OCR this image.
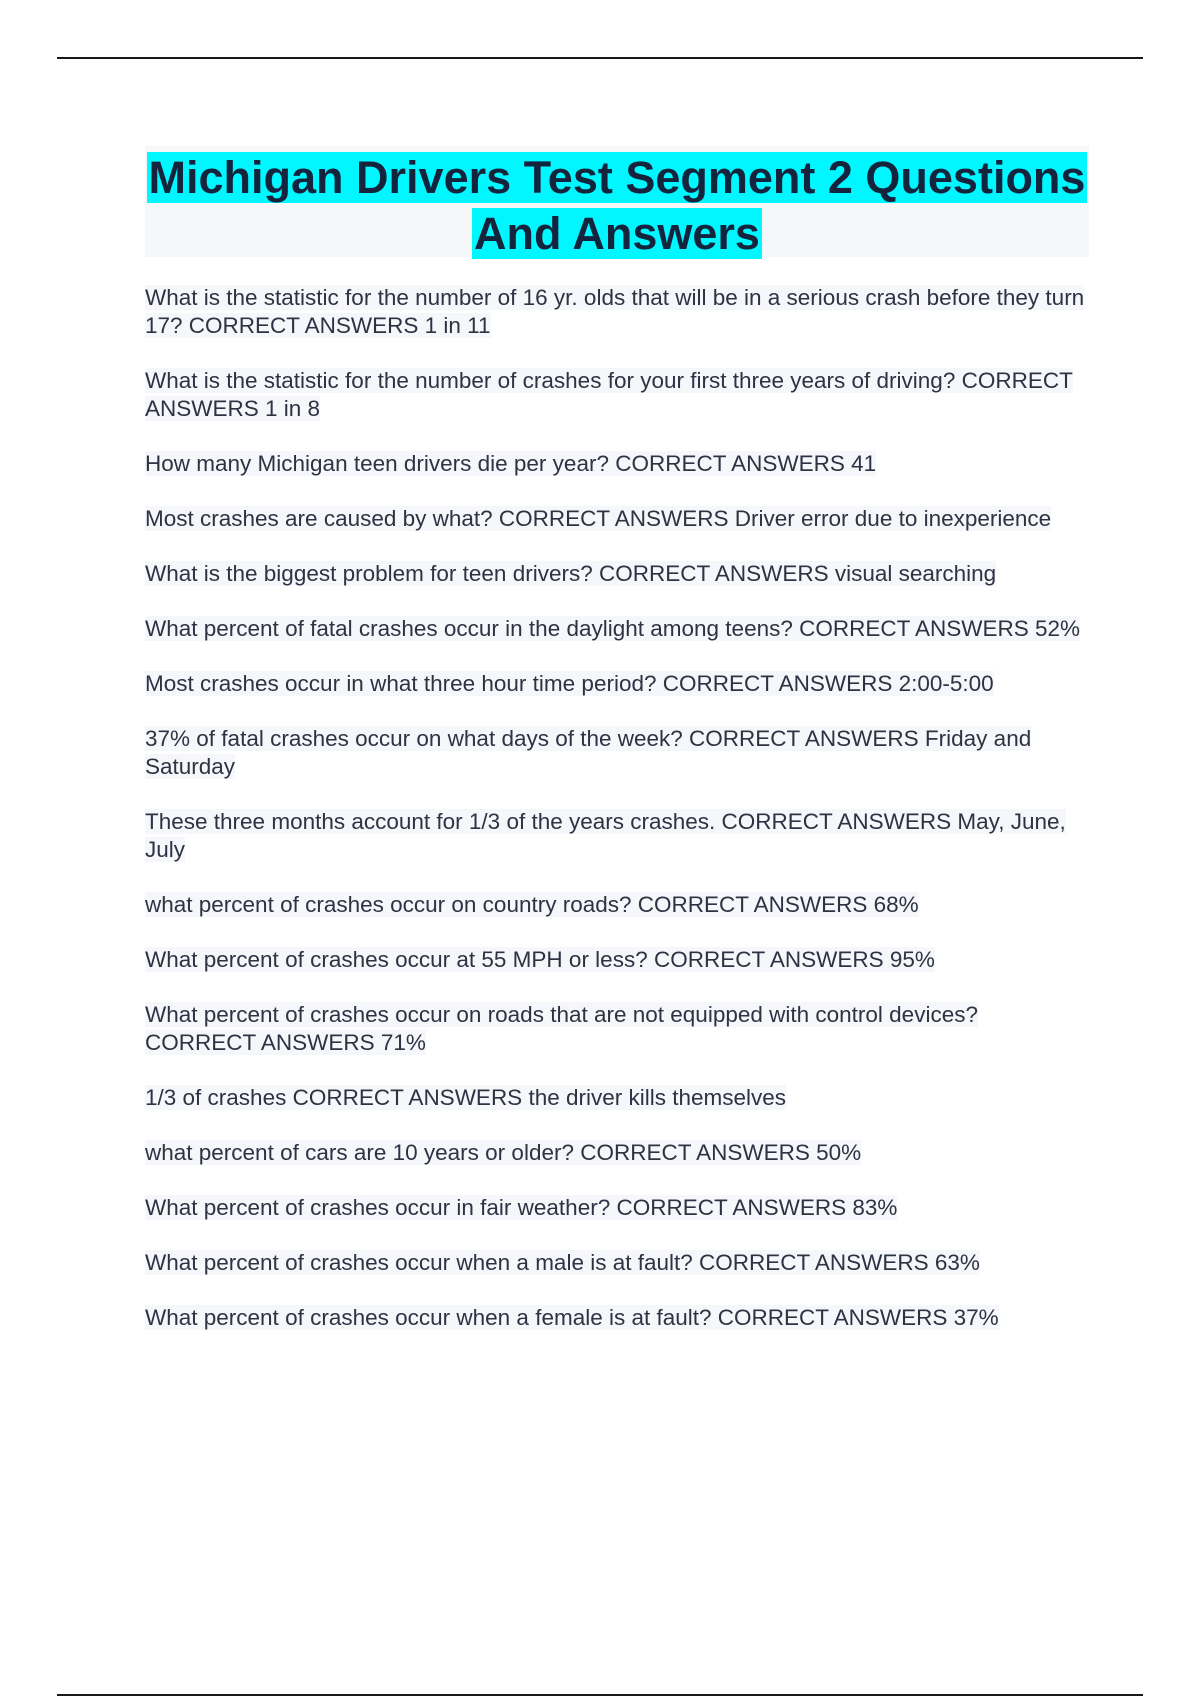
Michigan Drivers Test Segment 2 Questions And Answers

What is the statistic for the number of 16 yr. olds that will be in a serious crash before they turn 17? CORRECT ANSWERS 1 in 11

What is the statistic for the number of crashes for your first three years of driving? CORRECT ANSWERS 1 in 8

How many Michigan teen drivers die per year? CORRECT ANSWERS 41

Most crashes are caused by what? CORRECT ANSWERS Driver error due to inexperience

What is the biggest problem for teen drivers? CORRECT ANSWERS visual searching

What percent of fatal crashes occur in the daylight among teens? CORRECT ANSWERS 52%

Most crashes occur in what three hour time period? CORRECT ANSWERS 2:00-5:00

37% of fatal crashes occur on what days of the week? CORRECT ANSWERS Friday and Saturday

These three months account for 1/3 of the years crashes. CORRECT ANSWERS May, June, July

what percent of crashes occur on country roads? CORRECT ANSWERS 68%

What percent of crashes occur at 55 MPH or less? CORRECT ANSWERS 95%

What percent of crashes occur on roads that are not equipped with control devices? CORRECT ANSWERS 71%

1/3 of crashes CORRECT ANSWERS the driver kills themselves

what percent of cars are 10 years or older? CORRECT ANSWERS 50%

What percent of crashes occur in fair weather? CORRECT ANSWERS 83%

What percent of crashes occur when a male is at fault? CORRECT ANSWERS 63%

What percent of crashes occur when a female is at fault? CORRECT ANSWERS 37%
